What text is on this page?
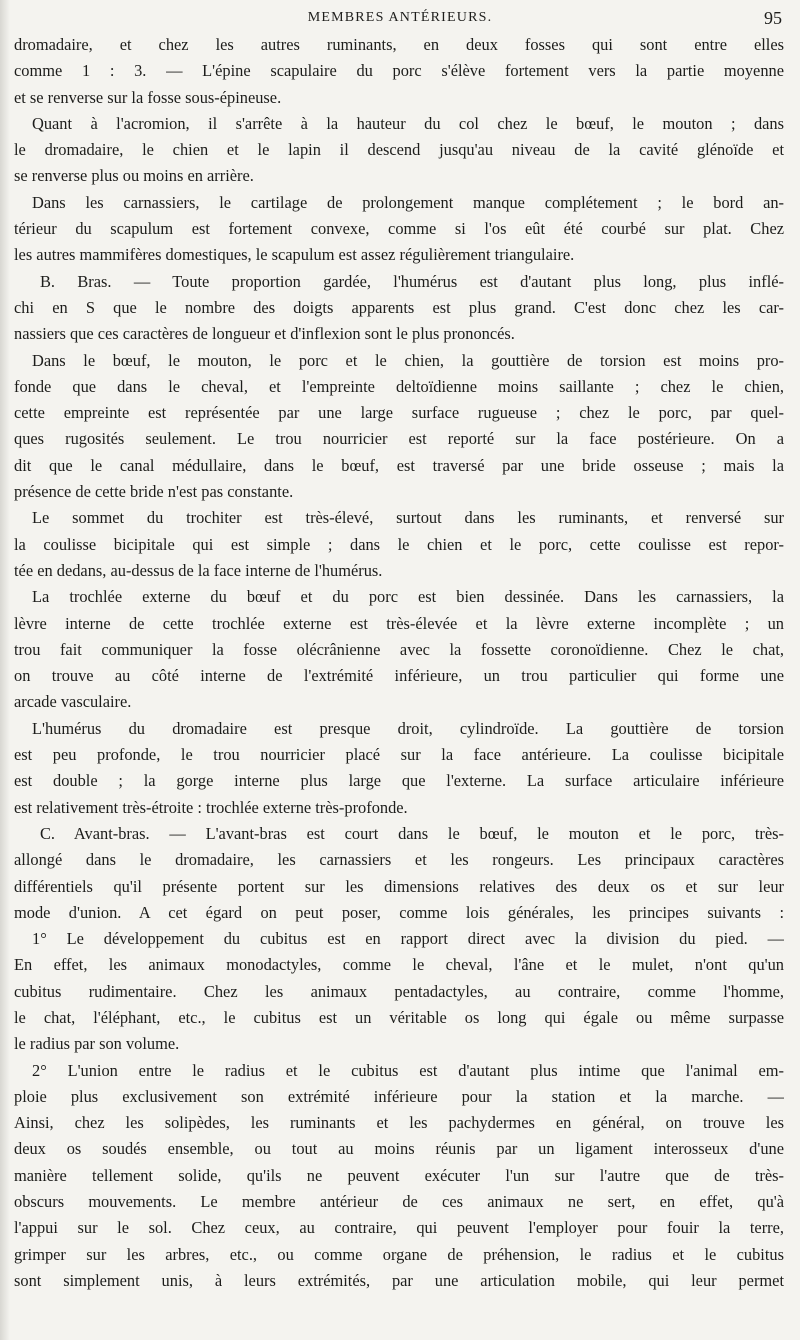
MEMBRES ANTÉRIEURS.	95
dromadaire, et chez les autres ruminants, en deux fosses qui sont entre elles
comme 1 : 3. — L'épine scapulaire du porc s'élève fortement vers la partie moyenne
et se renverse sur la fosse sous-épineuse.
Quant à l'acromion, il s'arrête à la hauteur du col chez le bœuf, le mouton ; dans
le dromadaire, le chien et le lapin il descend jusqu'au niveau de la cavité glénoïde et
se renverse plus ou moins en arrière.
Dans les carnassiers, le cartilage de prolongement manque complétement ; le bord an-
térieur du scapulum est fortement convexe, comme si l'os eût été courbé sur plat. Chez
les autres mammifères domestiques, le scapulum est assez régulièrement triangulaire.
B. Bras. — Toute proportion gardée, l'humérus est d'autant plus long, plus inflé-
chi en S que le nombre des doigts apparents est plus grand. C'est donc chez les car-
nassiers que ces caractères de longueur et d'inflexion sont le plus prononcés.
Dans le bœuf, le mouton, le porc et le chien, la gouttière de torsion est moins pro-
fonde que dans le cheval, et l'empreinte deltoïdienne moins saillante ; chez le chien,
cette empreinte est représentée par une large surface rugueuse ; chez le porc, par quel-
ques rugosités seulement. Le trou nourricier est reporté sur la face postérieure. On a
dit que le canal médullaire, dans le bœuf, est traversé par une bride osseuse ; mais la
présence de cette bride n'est pas constante.
Le sommet du trochiter est très-élevé, surtout dans les ruminants, et renversé sur
la coulisse bicipitale qui est simple ; dans le chien et le porc, cette coulisse est repor-
tée en dedans, au-dessus de la face interne de l'humérus.
La trochlée externe du bœuf et du porc est bien dessinée. Dans les carnassiers, la
lèvre interne de cette trochlée externe est très-élevée et la lèvre externe incomplète ; un
trou fait communiquer la fosse olécrânienne avec la fossette coronoïdienne. Chez le chat,
on trouve au côté interne de l'extrémité inférieure, un trou particulier qui forme une
arcade vasculaire.
L'humérus du dromadaire est presque droit, cylindroïde. La gouttière de torsion
est peu profonde, le trou nourricier placé sur la face antérieure. La coulisse bicipitale
est double ; la gorge interne plus large que l'externe. La surface articulaire inférieure
est relativement très-étroite : trochlée externe très-profonde.
C. Avant-bras. — L'avant-bras est court dans le bœuf, le mouton et le porc, très-
allongé dans le dromadaire, les carnassiers et les rongeurs. Les principaux caractères
différentiels qu'il présente portent sur les dimensions relatives des deux os et sur leur
mode d'union. A cet égard on peut poser, comme lois générales, les principes suivants :
1° Le développement du cubitus est en rapport direct avec la division du pied. —
En effet, les animaux monodactyles, comme le cheval, l'âne et le mulet, n'ont qu'un
cubitus rudimentaire. Chez les animaux pentadactyles, au contraire, comme l'homme,
le chat, l'éléphant, etc., le cubitus est un véritable os long qui égale ou même surpasse
le radius par son volume.
2° L'union entre le radius et le cubitus est d'autant plus intime que l'animal em-
ploie plus exclusivement son extrémité inférieure pour la station et la marche. —
Ainsi, chez les solipèdes, les ruminants et les pachydermes en général, on trouve les
deux os soudés ensemble, ou tout au moins réunis par un ligament interosseux d'une
manière tellement solide, qu'ils ne peuvent exécuter l'un sur l'autre que de très-
obscurs mouvements. Le membre antérieur de ces animaux ne sert, en effet, qu'à
l'appui sur le sol. Chez ceux, au contraire, qui peuvent l'employer pour fouir la terre,
grimper sur les arbres, etc., ou comme organe de préhension, le radius et le cubitus
sont simplement unis, à leurs extrémités, par une articulation mobile, qui leur permet
